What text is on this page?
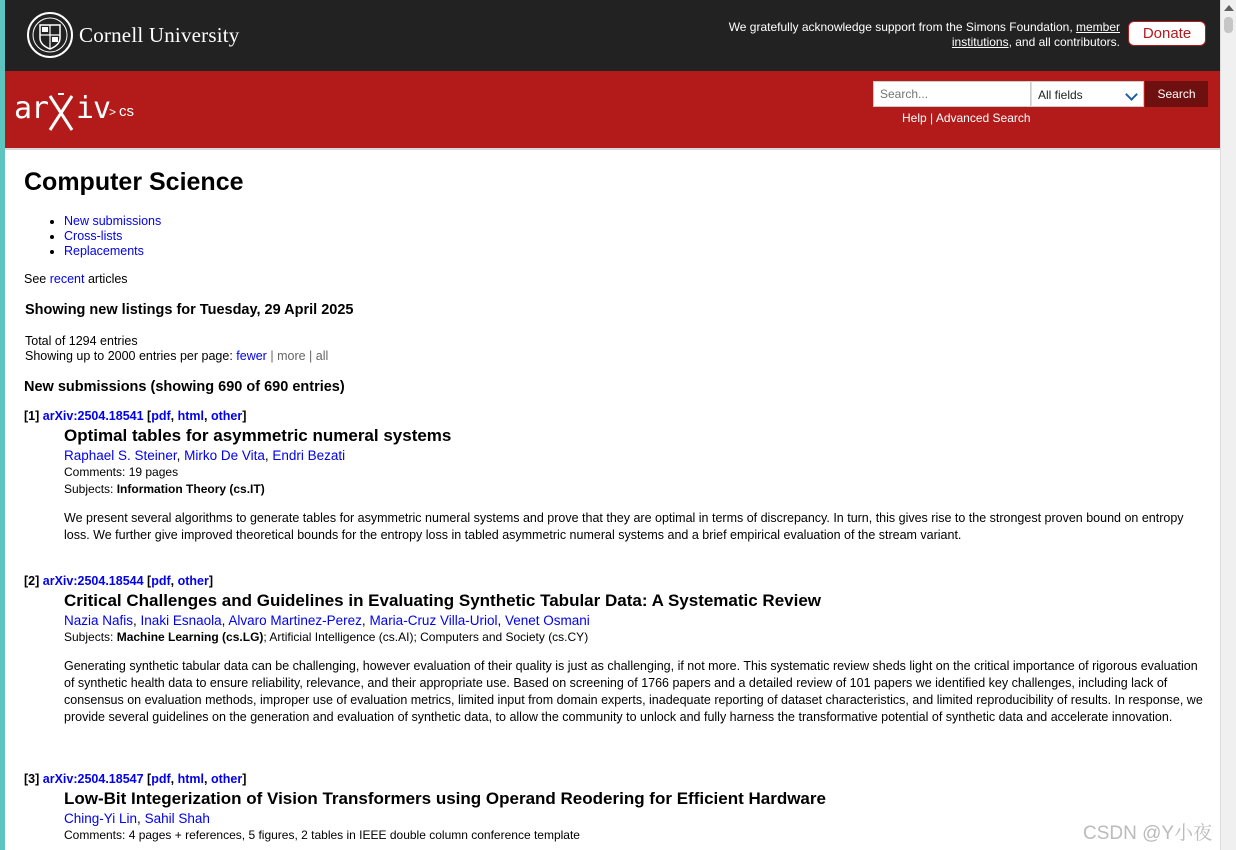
Cornell University	We gratefully acknowledge support from the Simons Foundation, member institutions, and all contributors.	Donate
ar iv
> cs
Search...
All fields	Search
Help | Advanced Search
Computer Science
• New submissions
• Cross-lists
• Replacements
See recent articles
Showing new listings for Tuesday, 29 April 2025
Total of 1294 entries
Showing up to 2000 entries per page: fewer | more | all
New submissions (showing 690 of 690 entries)
[1] arXiv:2504.18541 [pdf, html, other]
Optimal tables for asymmetric numeral systems
Raphael S. Steiner, Mirko De Vita, Endri Bezati
Comments: 19 pages
Subjects: Information Theory (cs.IT)
We present several algorithms to generate tables for asymmetric numeral systems and prove that they are optimal in terms of discrepancy. In turn, this gives rise to the strongest proven bound on entropy loss. We further give improved theoretical bounds for the entropy loss in tabled asymmetric numeral systems and a brief empirical evaluation of the stream variant.
[2] arXiv:2504.18544 [pdf, other]
Critical Challenges and Guidelines in Evaluating Synthetic Tabular Data: A Systematic Review
Nazia Nafis, Inaki Esnaola, Alvaro Martinez-Perez, Maria-Cruz Villa-Uriol, Venet Osmani
Subjects: Machine Learning (cs.LG); Artificial Intelligence (cs.AI); Computers and Society (cs.CY)
Generating synthetic tabular data can be challenging, however evaluation of their quality is just as challenging, if not more. This systematic review sheds light on the critical importance of rigorous evaluation of synthetic health data to ensure reliability, relevance, and their appropriate use. Based on screening of 1766 papers and a detailed review of 101 papers we identified key challenges, including lack of consensus on evaluation methods, improper use of evaluation metrics, limited input from domain experts, inadequate reporting of dataset characteristics, and limited reproducibility of results. In response, we provide several guidelines on the generation and evaluation of synthetic data, to allow the community to unlock and fully harness the transformative potential of synthetic data and accelerate innovation.
[3] arXiv:2504.18547 [pdf, html, other]
Low-Bit Integerization of Vision Transformers using Operand Reodering for Efficient Hardware
Ching-Yi Lin, Sahil Shah
Comments: 4 pages + references, 5 figures, 2 tables in IEEE double column conference template	CSDN @Y小夜
